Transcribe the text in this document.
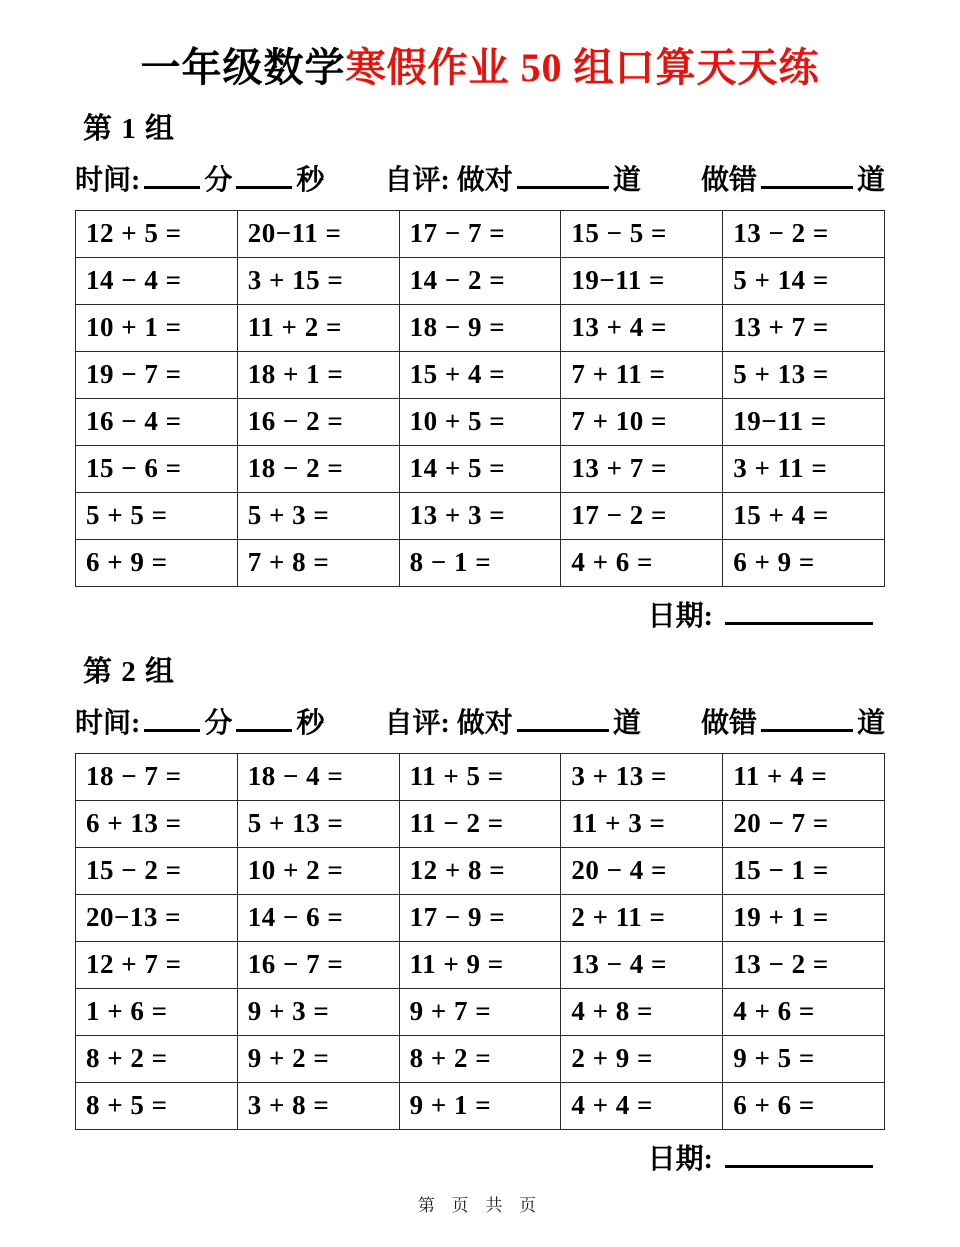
一年级数学寒假作业 50 组口算天天练
第 1 组
时间: 分 秒 自评: 做对	道 做错	道
12 + 5 =	20−11 =	17 − 7 =	15 − 5 =	13 − 2 =
14 − 4 =	3 + 15 =	14 − 2 =	19−11 =	5 + 14 =
10 + 1 =	11 + 2 =	18 − 9 =	13 + 4 =	13 + 7 =
19 − 7 =	18 + 1 =	15 + 4 =	7 + 11 =	5 + 13 =
16 − 4 =	16 − 2 =	10 + 5 =	7 + 10 =	19−11 =
15 − 6 =	18 − 2 =	14 + 5 =	13 + 7 =	3 + 11 =
5 + 5 =	5 + 3 =	13 + 3 =	17 − 2 =	15 + 4 =
6 + 9 =	7 + 8 =	8 − 1 =	4 + 6 =	6 + 9 =
日期:
第 2 组
时间: 分 秒 自评: 做对	道 做错	道
18 − 7 =	18 − 4 =	11 + 5 =	3 + 13 =	11 + 4 =
6 + 13 =	5 + 13 =	11 − 2 =	11 + 3 =	20 − 7 =
15 − 2 =	10 + 2 =	12 + 8 =	20 − 4 =	15 − 1 =
20−13 =	14 − 6 =	17 − 9 =	2 + 11 =	19 + 1 =
12 + 7 =	16 − 7 =	11 + 9 =	13 − 4 =	13 − 2 =
1 + 6 =	9 + 3 =	9 + 7 =	4 + 8 =	4 + 6 =
8 + 2 =	9 + 2 =	8 + 2 =	2 + 9 =	9 + 5 =
8 + 5 =	3 + 8 =	9 + 1 =	4 + 4 =	6 + 6 =
日期:
第 页 共 页
